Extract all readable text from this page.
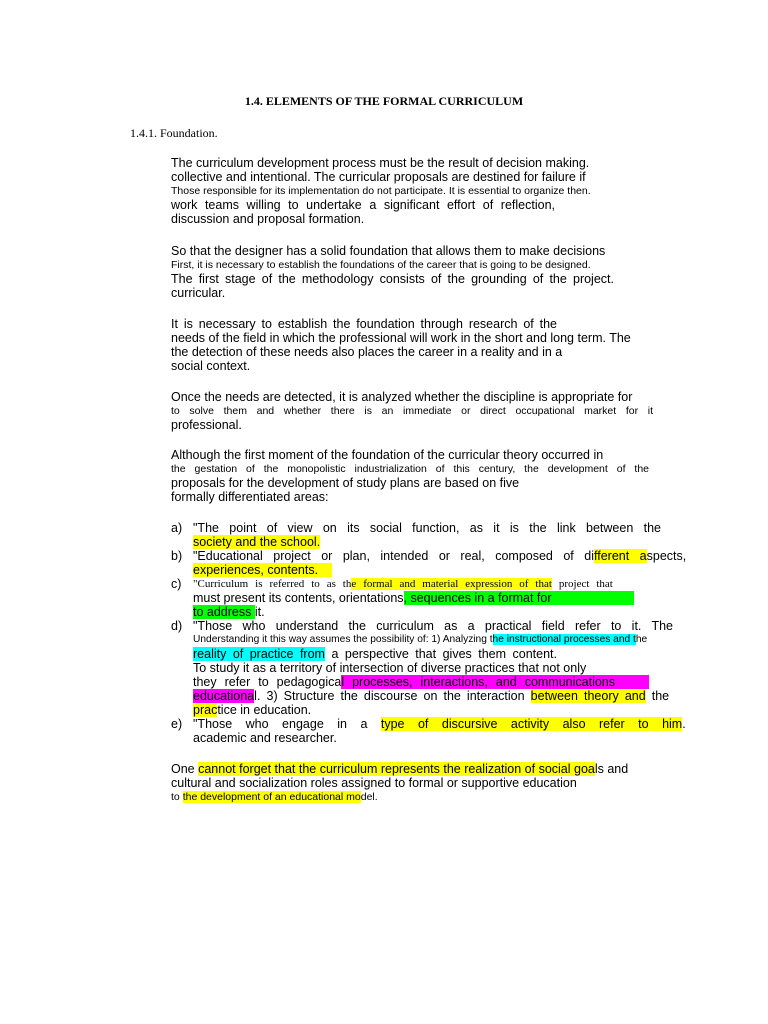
1.4. ELEMENTS OF THE FORMAL CURRICULUM
1.4.1. Foundation.
The curriculum development process must be the result of decision making.
collective and intentional. The curricular proposals are destined for failure if
Those responsible for its implementation do not participate. It is essential to organize then.
work teams willing to undertake a significant effort of reflection,
discussion and proposal formation.
So that the designer has a solid foundation that allows them to make decisions
First, it is necessary to establish the foundations of the career that is going to be designed.
The first stage of the methodology consists of the grounding of the project.
curricular.
It is necessary to establish the foundation through research of the
needs of the field in which the professional will work in the short and long term. The
the detection of these needs also places the career in a reality and in a
social context.
Once the needs are detected, it is analyzed whether the discipline is appropriate for
to solve them and whether there is an immediate or direct occupational market for it
professional.
Although the first moment of the foundation of the curricular theory occurred in
the gestation of the monopolistic industrialization of this century, the development of the
proposals for the development of study plans are based on five
formally differentiated areas:
a) "The point of view on its social function, as it is the link between the
society and the school.
b) "Educational project or plan, intended or real, composed of different aspects,
experiences, contents.
c) "Curriculum is referred to as the formal and material expression of that project that
must present its contents, orientations, sequences in a format for
to address it.
d) "Those who understand the curriculum as a practical field refer to it. The
Understanding it this way assumes the possibility of: 1) Analyzing the instructional processes and the
reality of practice from a perspective that gives them content.
To study it as a territory of intersection of diverse practices that not only
they refer to pedagogical processes, interactions, and communications
educational. 3) Structure the discourse on the interaction between theory and the
practice in education.
e) "Those who engage in a type of discursive activity also refer to him.
academic and researcher.
One cannot forget that the curriculum represents the realization of social goals and
cultural and socialization roles assigned to formal or supportive education
to the development of an educational model.
